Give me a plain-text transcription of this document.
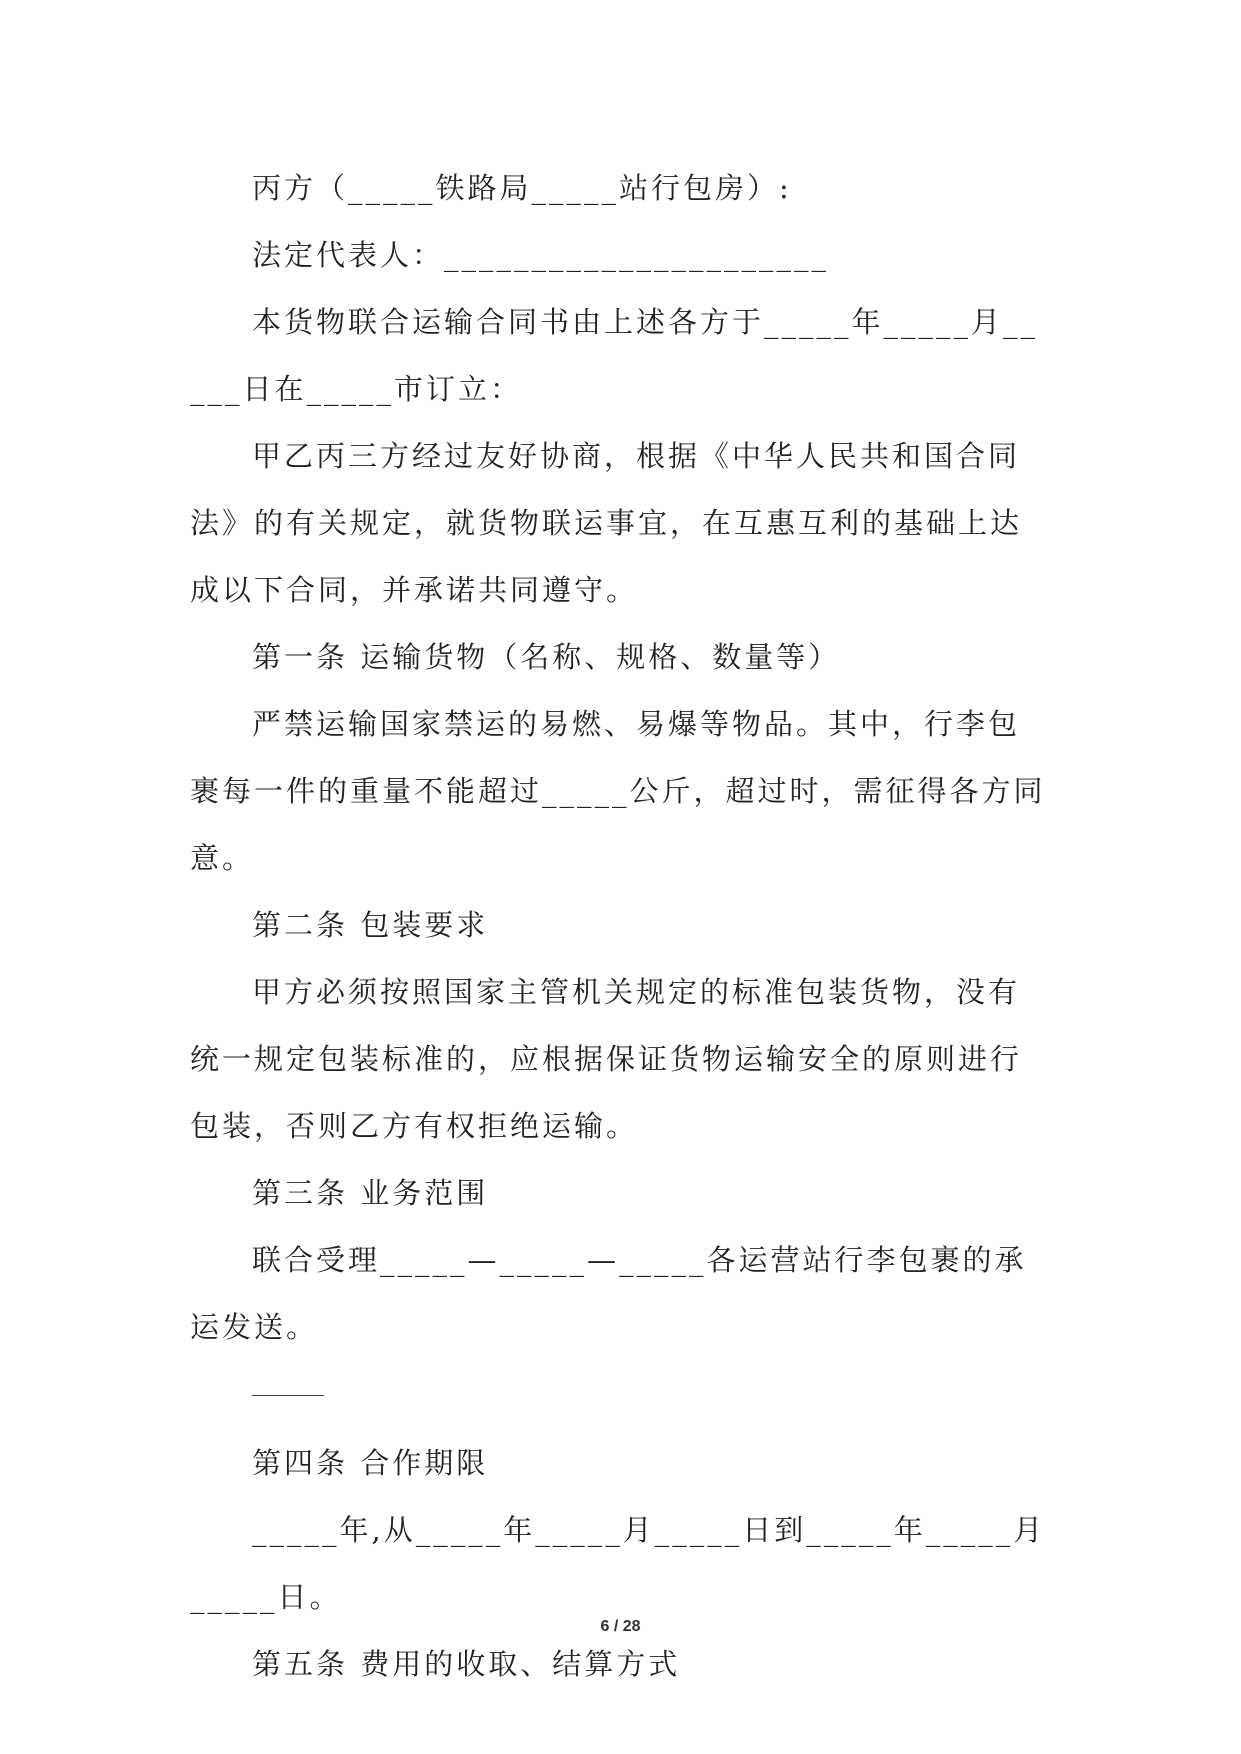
丙方（_____铁路局_____站行包房）:

法定代表人：______________________

本货物联合运输合同书由上述各方于_____年_____月_____日在_____市订立：

甲乙丙三方经过友好协商，根据《中华人民共和国合同法》的有关规定，就货物联运事宜，在互惠互利的基础上达成以下合同，并承诺共同遵守。

第一条 运输货物（名称、规格、数量等）

严禁运输国家禁运的易燃、易爆等物品。其中，行李包裹每一件的重量不能超过_____公斤，超过时，需征得各方同意。

第二条 包装要求

甲方必须按照国家主管机关规定的标准包装货物，没有统一规定包装标准的，应根据保证货物运输安全的原则进行包装，否则乙方有权拒绝运输。

第三条 业务范围

联合受理_____—_____—_____各运营站行李包裹的承运发送。

第四条 合作期限

_____年,从_____年_____月_____日到_____年_____月_____日。

第五条 费用的收取、结算方式

6 / 28
